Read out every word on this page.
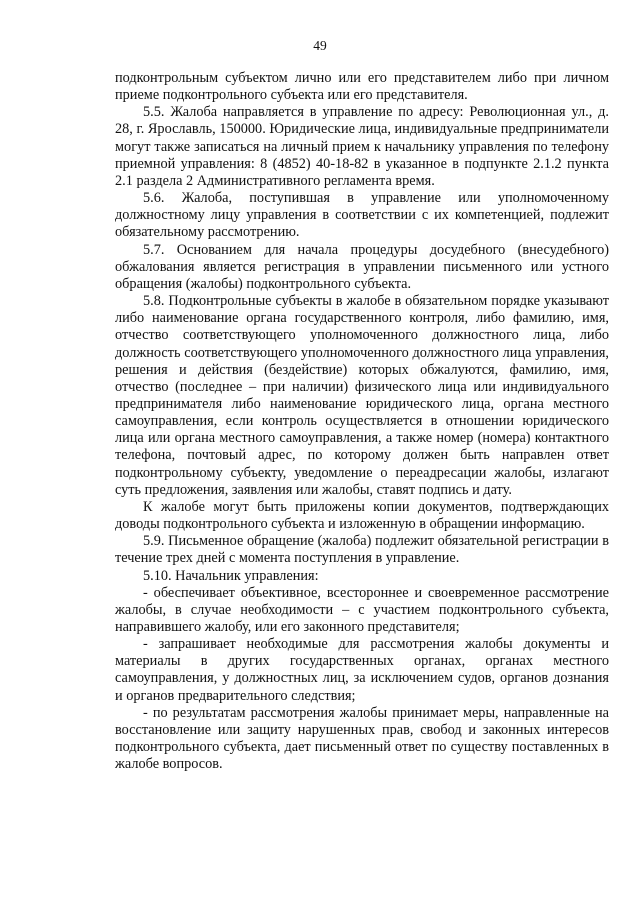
49

подконтрольным субъектом лично или его представителем либо при личном приеме подконтрольного субъекта или его представителя.

5.5. Жалоба направляется в управление по адресу: Революционная ул., д. 28, г. Ярославль, 150000. Юридические лица, индивидуальные предприниматели могут также записаться на личный прием к начальнику управления по телефону приемной управления: 8 (4852) 40-18-82 в указанное в подпункте 2.1.2 пункта 2.1 раздела 2 Административного регламента время.

5.6. Жалоба, поступившая в управление или уполномоченному должностному лицу управления в соответствии с их компетенцией, подлежит обязательному рассмотрению.

5.7. Основанием для начала процедуры досудебного (внесудебного) обжалования является регистрация в управлении письменного или устного обращения (жалобы) подконтрольного субъекта.

5.8. Подконтрольные субъекты в жалобе в обязательном порядке указывают либо наименование органа государственного контроля, либо фамилию, имя, отчество соответствующего уполномоченного должностного лица, либо должность соответствующего уполномоченного должностного лица управления, решения и действия (бездействие) которых обжалуются, фамилию, имя, отчество (последнее – при наличии) физического лица или индивидуального предпринимателя либо наименование юридического лица, органа местного самоуправления, если контроль осуществляется в отношении юридического лица или органа местного самоуправления, а также номер (номера) контактного телефона, почтовый адрес, по которому должен быть направлен ответ подконтрольному субъекту, уведомление о переадресации жалобы, излагают суть предложения, заявления или жалобы, ставят подпись и дату.

К жалобе могут быть приложены копии документов, подтверждающих доводы подконтрольного субъекта и изложенную в обращении информацию.

5.9. Письменное обращение (жалоба) подлежит обязательной регистрации в течение трех дней с момента поступления в управление.

5.10. Начальник управления:

- обеспечивает объективное, всестороннее и своевременное рассмотрение жалобы, в случае необходимости – с участием подконтрольного субъекта, направившего жалобу, или его законного представителя;

- запрашивает необходимые для рассмотрения жалобы документы и материалы в других государственных органах, органах местного самоуправления, у должностных лиц, за исключением судов, органов дознания и органов предварительного следствия;

- по результатам рассмотрения жалобы принимает меры, направленные на восстановление или защиту нарушенных прав, свобод и законных интересов подконтрольного субъекта, дает письменный ответ по существу поставленных в жалобе вопросов.
